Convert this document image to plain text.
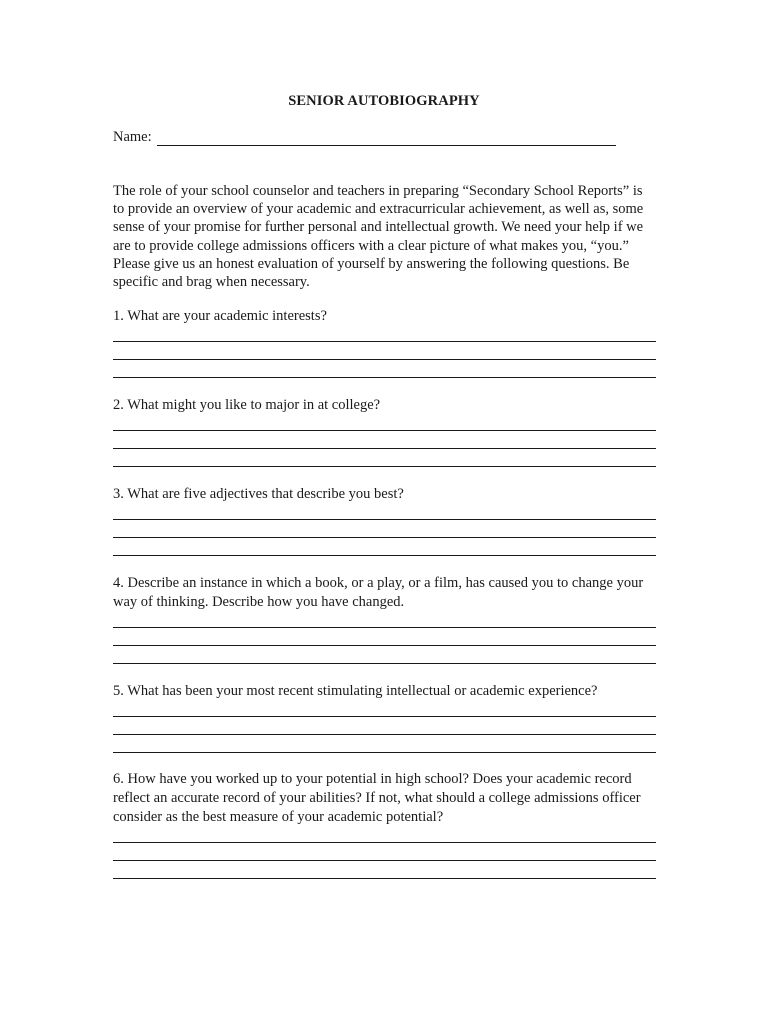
SENIOR AUTOBIOGRAPHY
Name:

The role of your school counselor and teachers in preparing “Secondary School Reports” is to provide an overview of your academic and extracurricular achievement, as well as, some sense of your promise for further personal and intellectual growth. We need your help if we are to provide college admissions officers with a clear picture of what makes you, “you.” Please give us an honest evaluation of yourself by answering the following questions. Be specific and brag when necessary.

1. What are your academic interests?

2. What might you like to major in at college?

3. What are five adjectives that describe you best?

4. Describe an instance in which a book, or a play, or a film, has caused you to change your way of thinking. Describe how you have changed.

5. What has been your most recent stimulating intellectual or academic experience?

6. How have you worked up to your potential in high school? Does your academic record reflect an accurate record of your abilities? If not, what should a college admissions officer consider as the best measure of your academic potential?
